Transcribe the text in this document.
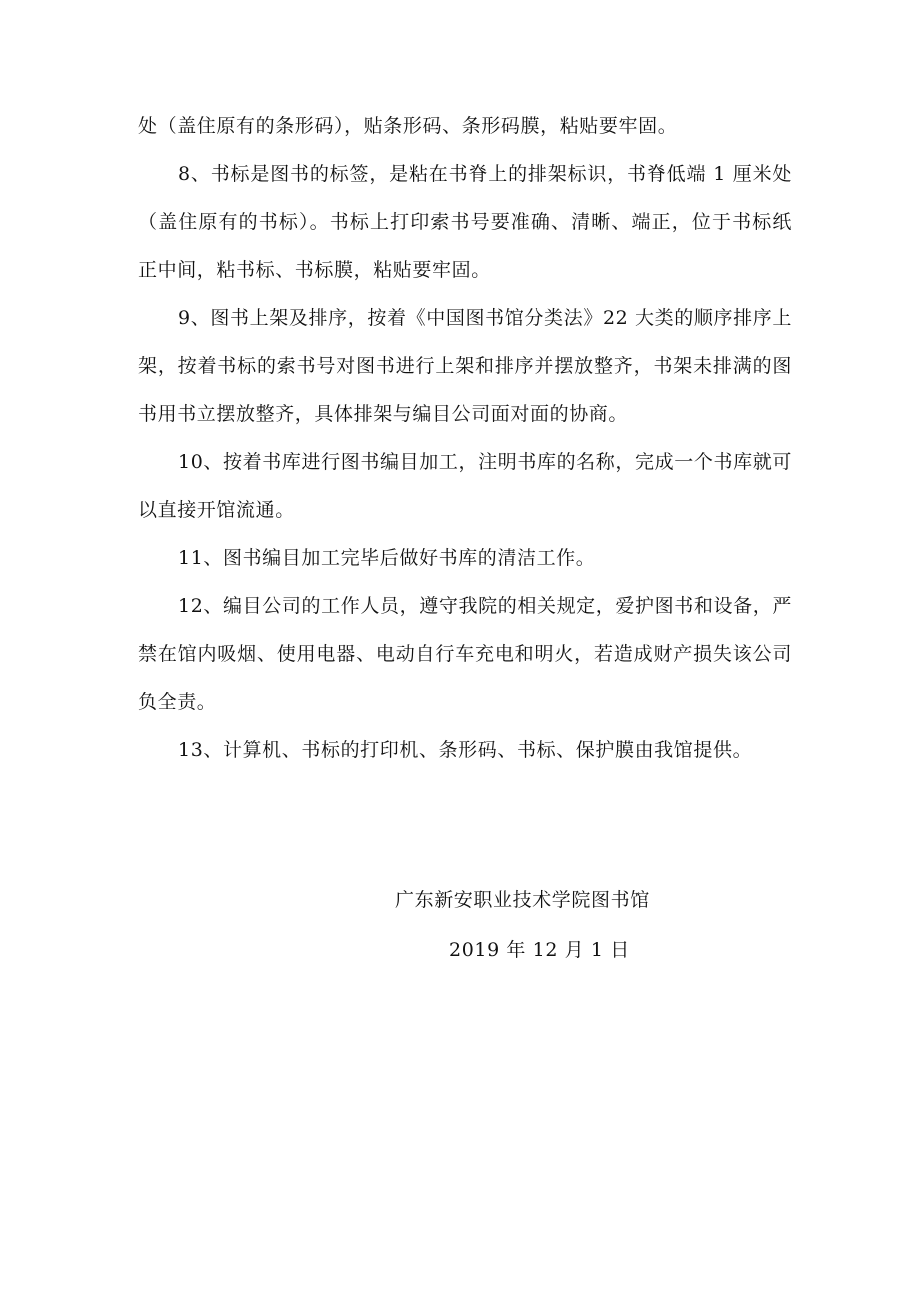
处（盖住原有的条形码），贴条形码、条形码膜，粘贴要牢固。

8、书标是图书的标签，是粘在书脊上的排架标识，书脊低端 1 厘米处（盖住原有的书标）。书标上打印索书号要准确、清晰、端正，位于书标纸正中间，粘书标、书标膜，粘贴要牢固。

9、图书上架及排序，按着《中国图书馆分类法》22 大类的顺序排序上架，按着书标的索书号对图书进行上架和排序并摆放整齐，书架未排满的图书用书立摆放整齐，具体排架与编目公司面对面的协商。

10、按着书库进行图书编目加工，注明书库的名称，完成一个书库就可以直接开馆流通。

11、图书编目加工完毕后做好书库的清洁工作。

12、编目公司的工作人员，遵守我院的相关规定，爱护图书和设备，严禁在馆内吸烟、使用电器、电动自行车充电和明火，若造成财产损失该公司负全责。

13、计算机、书标的打印机、条形码、书标、保护膜由我馆提供。

广东新安职业技术学院图书馆

2019 年 12 月 1 日
